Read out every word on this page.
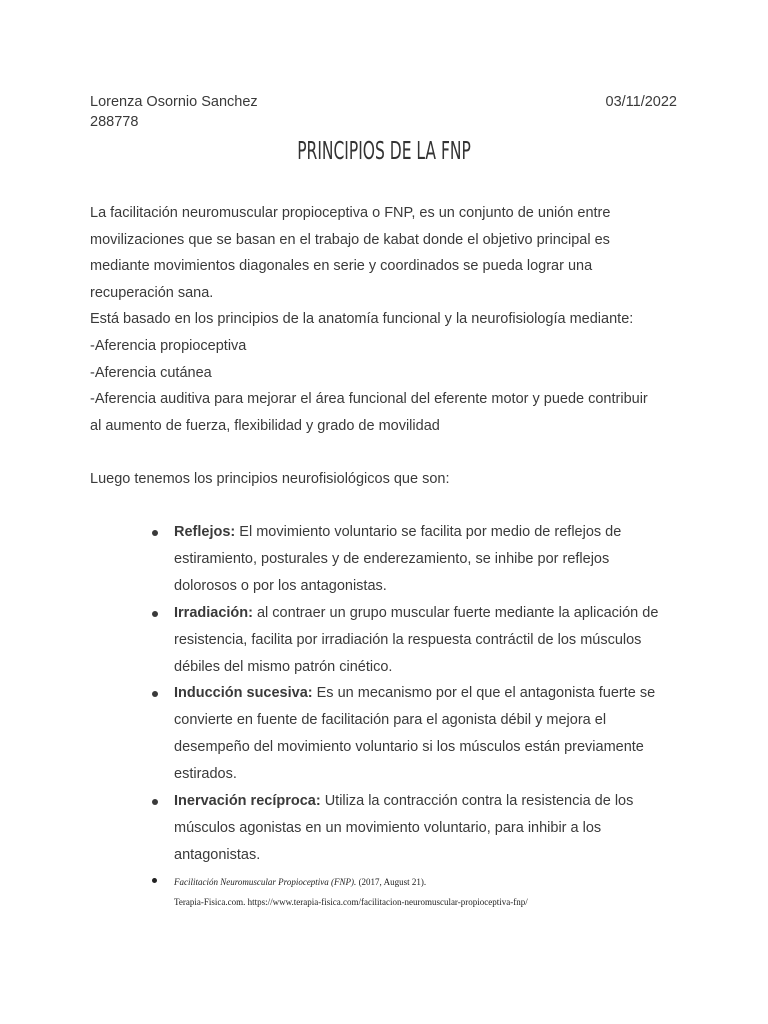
Lorenza Osornio Sanchez
288778
03/11/2022
PRINCIPIOS DE LA FNP

La facilitación neuromuscular propioceptiva o FNP, es un conjunto de unión entre
movilizaciones que se basan en el trabajo de kabat donde el objetivo principal es
mediante movimientos diagonales en serie y coordinados se pueda lograr una
recuperación sana.
Está basado en los principios de la anatomía funcional y la neurofisiología mediante:
-Aferencia propioceptiva
-Aferencia cutánea
-Aferencia auditiva para mejorar el área funcional del eferente motor y puede contribuir
al aumento de fuerza, flexibilidad y grado de movilidad

Luego tenemos los principios neurofisiológicos que son:

Reflejos: El movimiento voluntario se facilita por medio de reflejos de
estiramiento, posturales y de enderezamiento, se inhibe por reflejos
dolorosos o por los antagonistas.
Irradiación: al contraer un grupo muscular fuerte mediante la aplicación de
resistencia, facilita por irradiación la respuesta contráctil de los músculos
débiles del mismo patrón cinético.
Inducción sucesiva: Es un mecanismo por el que el antagonista fuerte se
convierte en fuente de facilitación para el agonista débil y mejora el
desempeño del movimiento voluntario si los músculos están previamente
estirados.
Inervación recíproca: Utiliza la contracción contra la resistencia de los
músculos agonistas en un movimiento voluntario, para inhibir a los
antagonistas.
Facilitación Neuromuscular Propioceptiva (FNP). (2017, August 21).
Terapia-Fisica.com. https://www.terapia-fisica.com/facilitacion-neuromuscular-propioceptiva-fnp/
